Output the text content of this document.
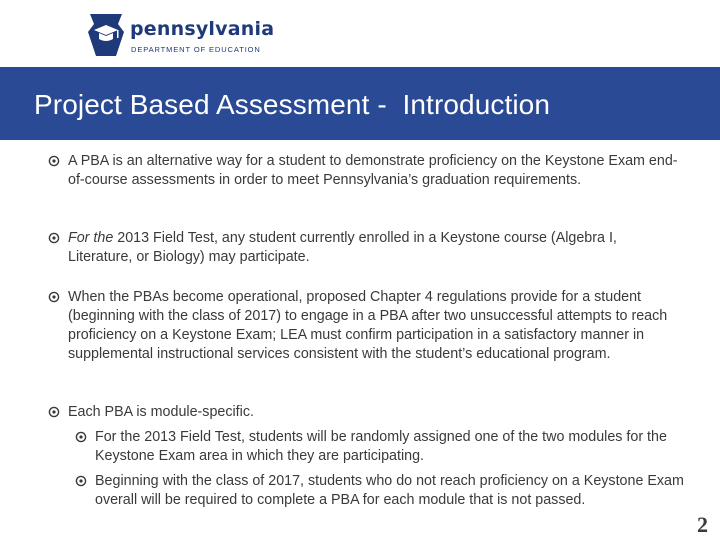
pennsylvania
DEPARTMENT OF EDUCATION
Project Based Assessment -  Introduction
A PBA is an alternative way for a student to demonstrate proficiency on the Keystone Exam end-of-course assessments in order to meet Pennsylvania’s graduation requirements.
For the 2013 Field Test, any student currently enrolled in a Keystone course (Algebra I, Literature, or Biology) may participate.
When the PBAs become operational, proposed Chapter 4 regulations provide for a student (beginning with the class of 2017) to engage in a PBA after two unsuccessful attempts to reach proficiency on a Keystone Exam; LEA must confirm participation in a satisfactory manner in supplemental instructional services consistent with the student’s educational program.
Each PBA is module-specific.
For the 2013 Field Test, students will be randomly assigned one of the two modules for the Keystone Exam area in which they are participating.
Beginning with the class of 2017, students who do not reach proficiency on a Keystone Exam overall will be required to complete a PBA for each module that is not passed.
2
